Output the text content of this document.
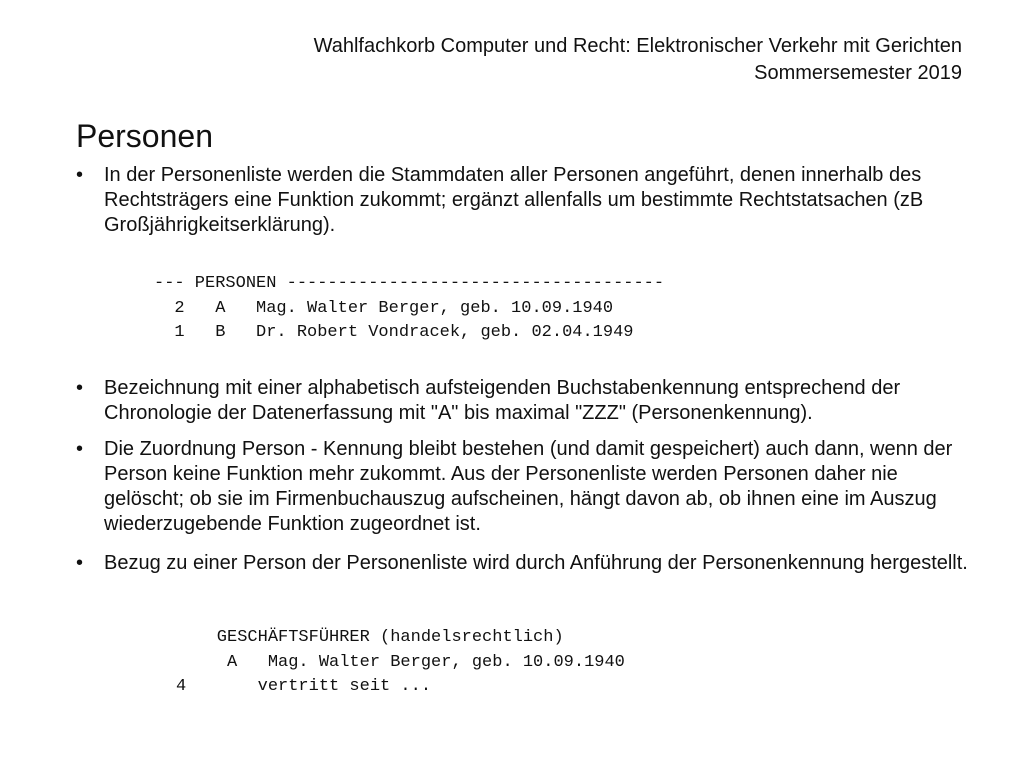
Wahlfachkorb Computer und Recht: Elektronischer Verkehr mit Gerichten
Sommersemester 2019
Personen
•	In der Personenliste werden die Stammdaten aller Personen angeführt, denen innerhalb des Rechtsträgers eine Funktion zukommt; ergänzt allenfalls um bestimmte Rechtstatsachen (zB Großjährigkeitserklärung).
--- PERSONEN -------------------------------------
2   A   Mag. Walter Berger, geb. 10.09.1940
1   B   Dr. Robert Vondracek, geb. 02.04.1949
•	Bezeichnung mit einer alphabetisch aufsteigenden Buchstabenkennung entsprechend der Chronologie der Datenerfassung mit "A" bis maximal "ZZZ" (Personenkennung).
•	Die Zuordnung Person - Kennung bleibt bestehen (und damit gespeichert) auch dann, wenn der Person keine Funktion mehr zukommt. Aus der Personenliste werden Personen daher nie gelöscht; ob sie im Firmenbuchauszug aufscheinen, hängt davon ab, ob ihnen eine im Auszug wiederzugebende Funktion zugeordnet ist.
•	Bezug zu einer Person der Personenliste wird durch Anführung der Personenkennung hergestellt.
GESCHÄFTSFÜHRER (handelsrechtlich)
A   Mag. Walter Berger, geb. 10.09.1940
4       vertritt seit ...
